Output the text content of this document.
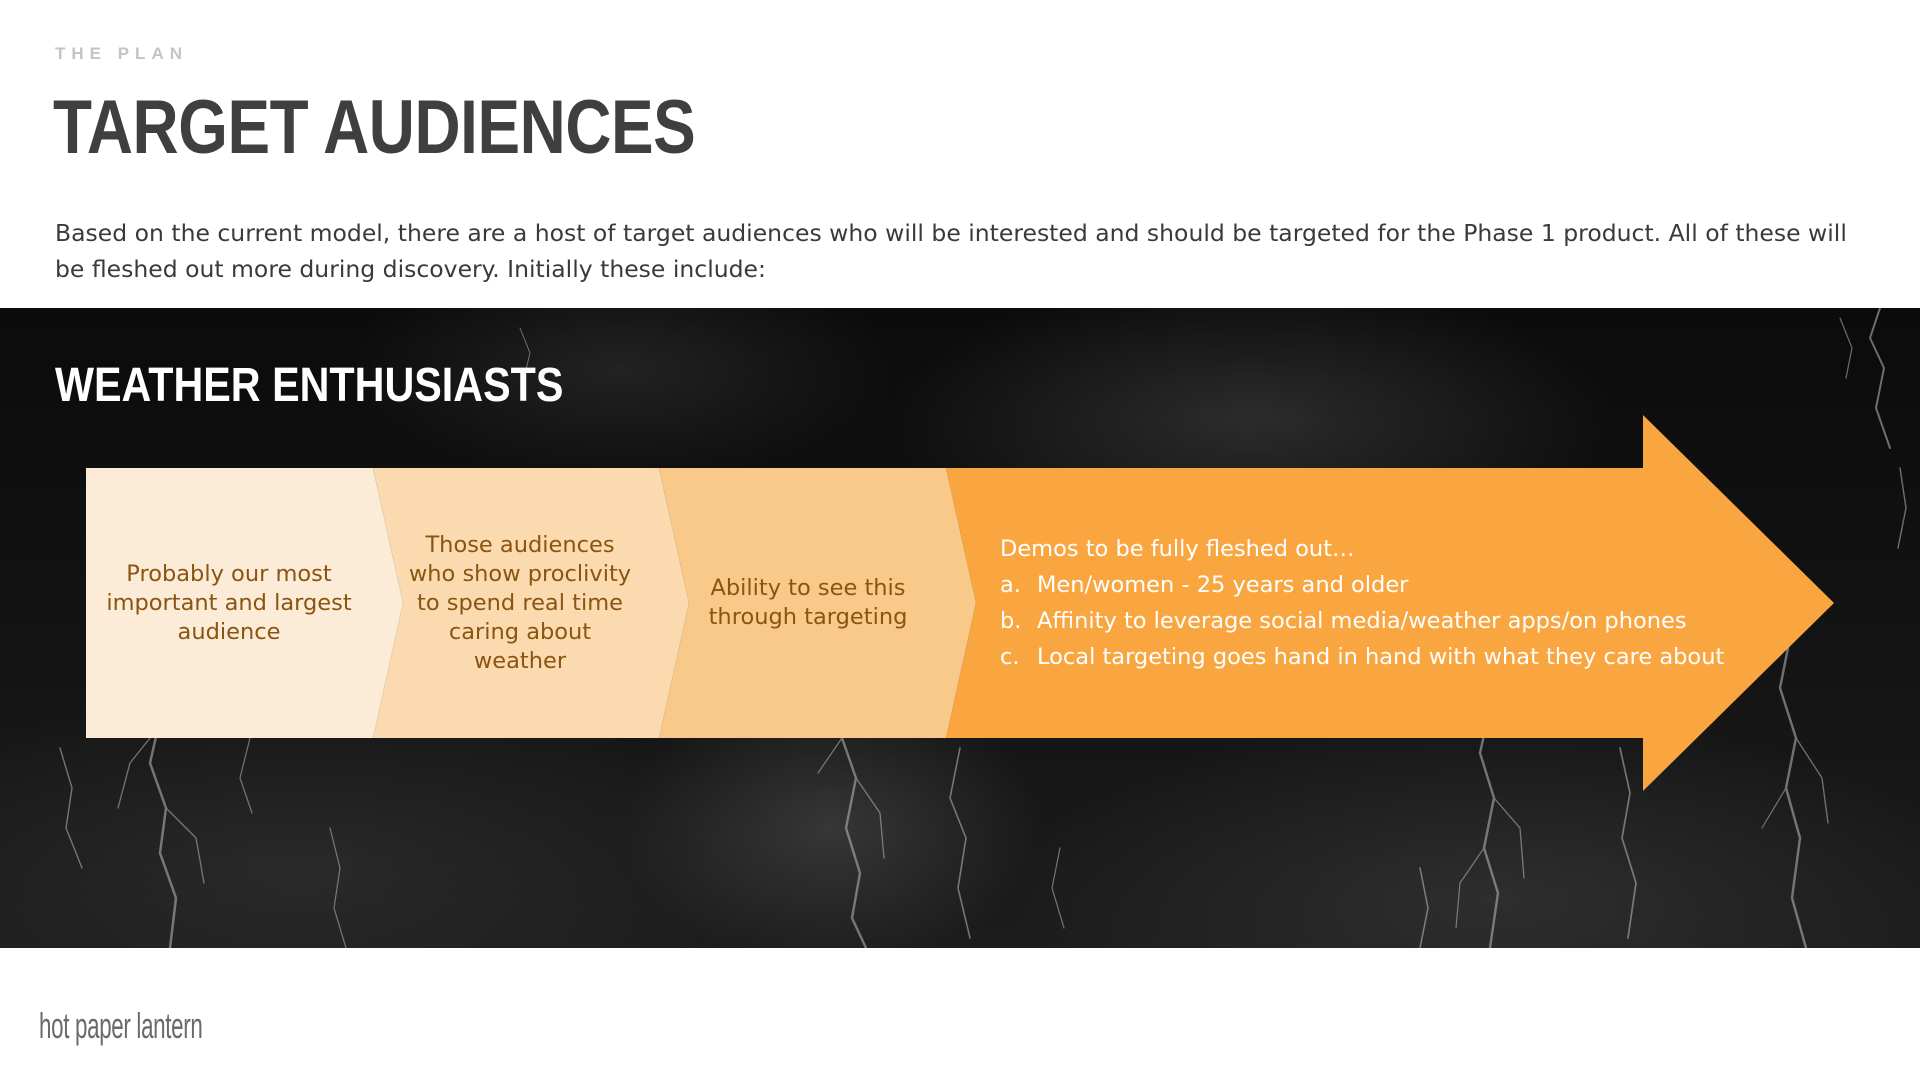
THE PLAN
TARGET AUDIENCES

Based on the current model, there are a host of target audiences who will be interested and should be targeted for the Phase 1 product. All of these will be fleshed out more during discovery. Initially these include:

WEATHER ENTHUSIASTS
Probably our most important and largest audience
Those audiences who show proclivity to spend real time caring about weather
Ability to see this through targeting

Demos to be fully fleshed out…

a. Men/women - 25 years and older
b. Affinity to leverage social media/weather apps/on phones
c. Local targeting goes hand in hand with what they care about
hot paper lantern
